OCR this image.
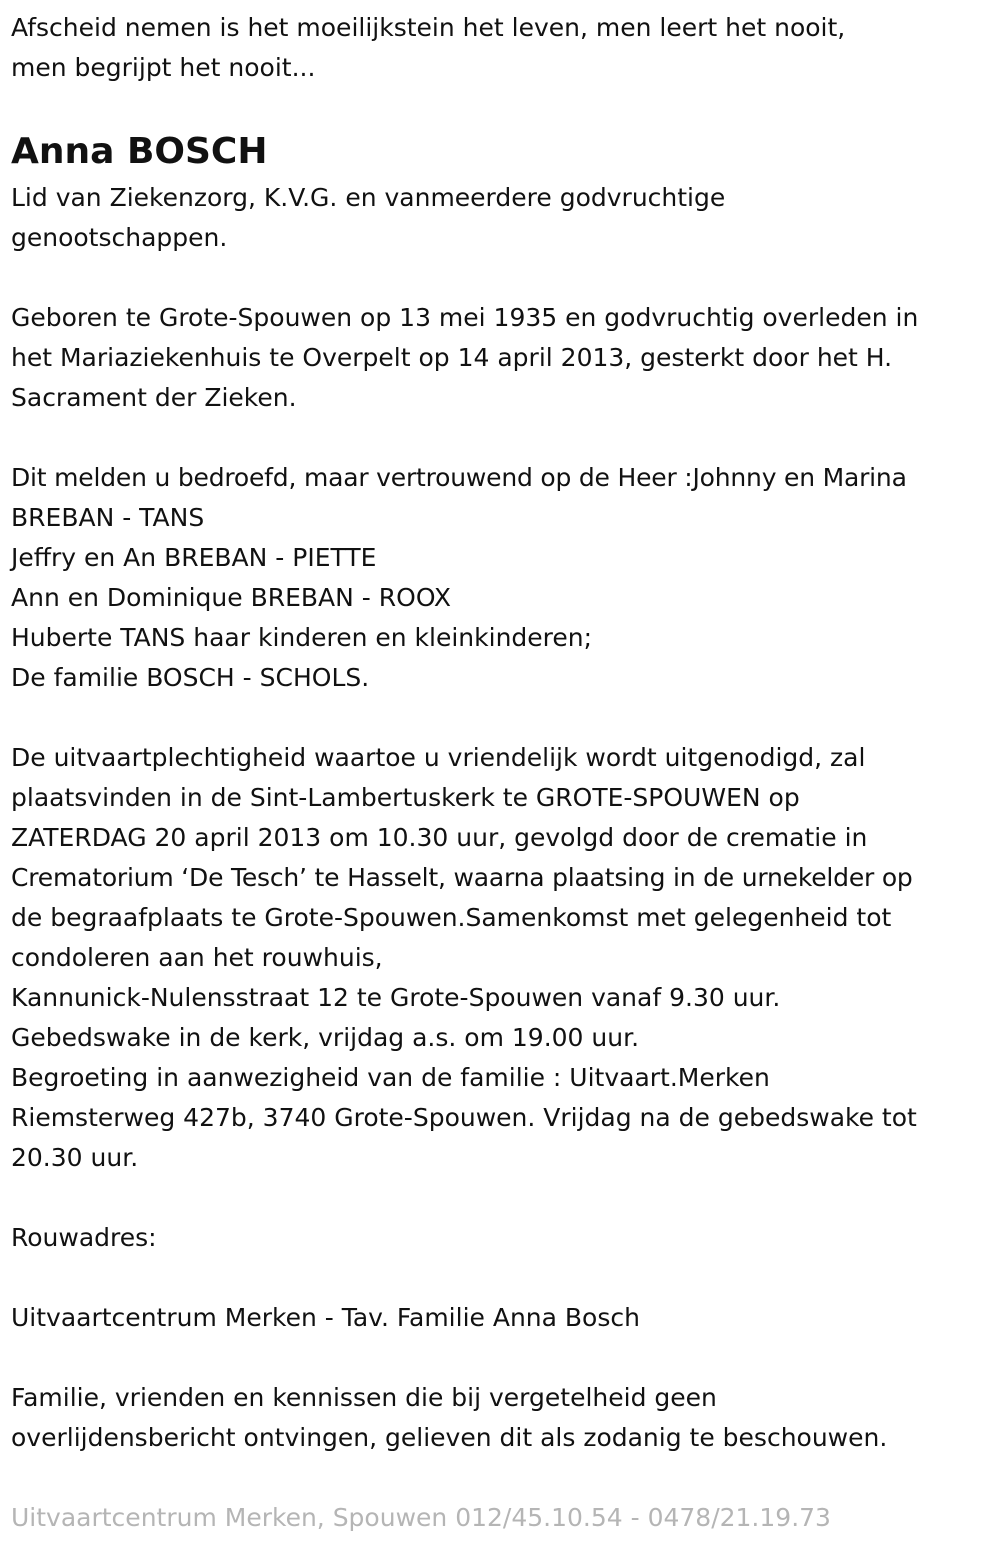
Afscheid nemen is het moeilijkstein het leven, men leert het nooit,
men begrijpt het nooit...
Anna BOSCH
Lid van Ziekenzorg, K.V.G. en vanmeerdere godvruchtige
genootschappen.
Geboren te Grote-Spouwen op 13 mei 1935 en godvruchtig overleden in
het Mariaziekenhuis te Overpelt op 14 april 2013, gesterkt door het H.
Sacrament der Zieken.
Dit melden u bedroefd, maar vertrouwend op de Heer :Johnny en Marina
BREBAN - TANS
Jeffry en An BREBAN - PIETTE
Ann en Dominique BREBAN - ROOX
Huberte TANS haar kinderen en kleinkinderen;
De familie BOSCH - SCHOLS.
De uitvaartplechtigheid waartoe u vriendelijk wordt uitgenodigd, zal
plaatsvinden in de Sint-Lambertuskerk te GROTE-SPOUWEN op
ZATERDAG 20 april 2013 om 10.30 uur, gevolgd door de crematie in
Crematorium ‘De Tesch’ te Hasselt, waarna plaatsing in de urnekelder op
de begraafplaats te Grote-Spouwen.Samenkomst met gelegenheid tot
condoleren aan het rouwhuis,
Kannunick-Nulensstraat 12 te Grote-Spouwen vanaf 9.30 uur.
Gebedswake in de kerk, vrijdag a.s. om 19.00 uur.
Begroeting in aanwezigheid van de familie : Uitvaart.Merken
Riemsterweg 427b, 3740 Grote-Spouwen. Vrijdag na de gebedswake tot
20.30 uur.
Rouwadres:
Uitvaartcentrum Merken - Tav. Familie Anna Bosch
Familie, vrienden en kennissen die bij vergetelheid geen
overlijdensbericht ontvingen, gelieven dit als zodanig te beschouwen.
Uitvaartcentrum Merken, Spouwen 012/45.10.54 - 0478/21.19.73
